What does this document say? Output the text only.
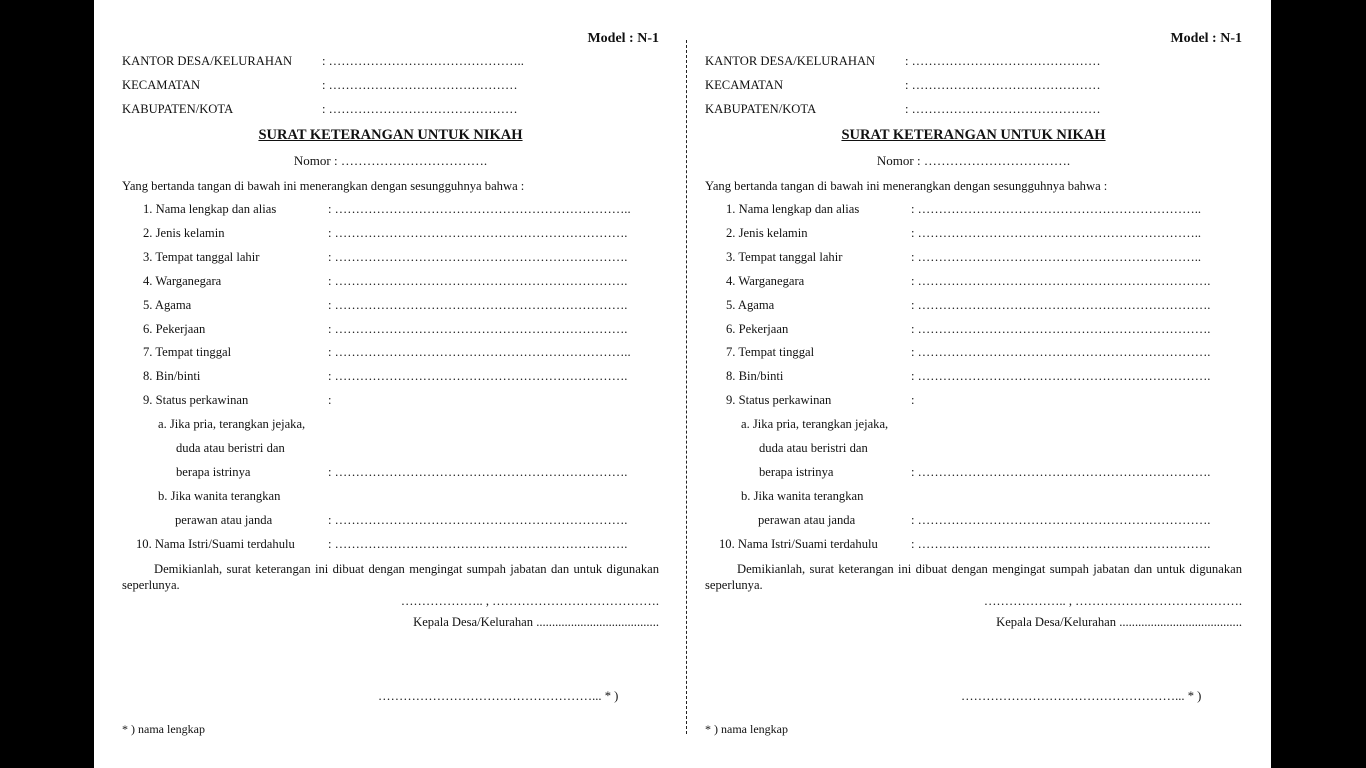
Model : N-1
KANTOR DESA/KELURAHAN : ………………………………………..
KECAMATAN	: ………………………………………
KABUPATEN/KOTA	: ………………………………………
SURAT KETERANGAN UNTUK NIKAH
Nomor : …………………………….
Yang bertanda tangan di bawah ini menerangkan dengan sesungguhnya bahwa :
1. Nama lengkap dan alias	: ……………………………………………………………..
2. Jenis kelamin	: …………………………………………………………….
3. Tempat tanggal lahir	: …………………………………………………………….
4. Warganegara	: …………………………………………………………….
5. Agama	: …………………………………………………………….
6. Pekerjaan	: …………………………………………………………….
7. Tempat tinggal	: ……………………………………………………………..
8. Bin/binti	: …………………………………………………………….
9. Status perkawinan	:
a. Jika pria, terangkan jejaka,
duda atau beristri dan
berapa istrinya	: …………………………………………………………….
b. Jika wanita terangkan
perawan atau janda	: …………………………………………………………….
10. Nama Istri/Suami terdahulu	: …………………………………………………………….
Demikianlah, surat keterangan ini dibuat dengan mengingat sumpah jabatan dan untuk digunakan seperlunya.
……………….. , ………………………………….
Kepala Desa/Kelurahan .......................................
……………………………………………... * )
* ) nama lengkap
Model : N-1
KANTOR DESA/KELURAHAN : ………………………………………
KECAMATAN	: ………………………………………
KABUPATEN/KOTA	: ………………………………………
SURAT KETERANGAN UNTUK NIKAH
Nomor : …………………………….
Yang bertanda tangan di bawah ini menerangkan dengan sesungguhnya bahwa :
1. Nama lengkap dan alias	: …………………………………………………………..
2. Jenis kelamin	: …………………………………………………………..
3. Tempat tanggal lahir	: …………………………………………………………..
4. Warganegara	: …………………………………………………………….
5. Agama	: …………………………………………………………….
6. Pekerjaan	: …………………………………………………………….
7. Tempat tinggal	: …………………………………………………………….
8. Bin/binti	: …………………………………………………………….
9. Status perkawinan	:
a. Jika pria, terangkan jejaka,
duda atau beristri dan
berapa istrinya	: …………………………………………………………….
b. Jika wanita terangkan
perawan atau janda	: …………………………………………………………….
10. Nama Istri/Suami terdahulu	: …………………………………………………………….
Demikianlah, surat keterangan ini dibuat dengan mengingat sumpah jabatan dan untuk digunakan seperlunya.
……………….. , ………………………………….
Kepala Desa/Kelurahan .......................................
……………………………………………... * )
* ) nama lengkap
